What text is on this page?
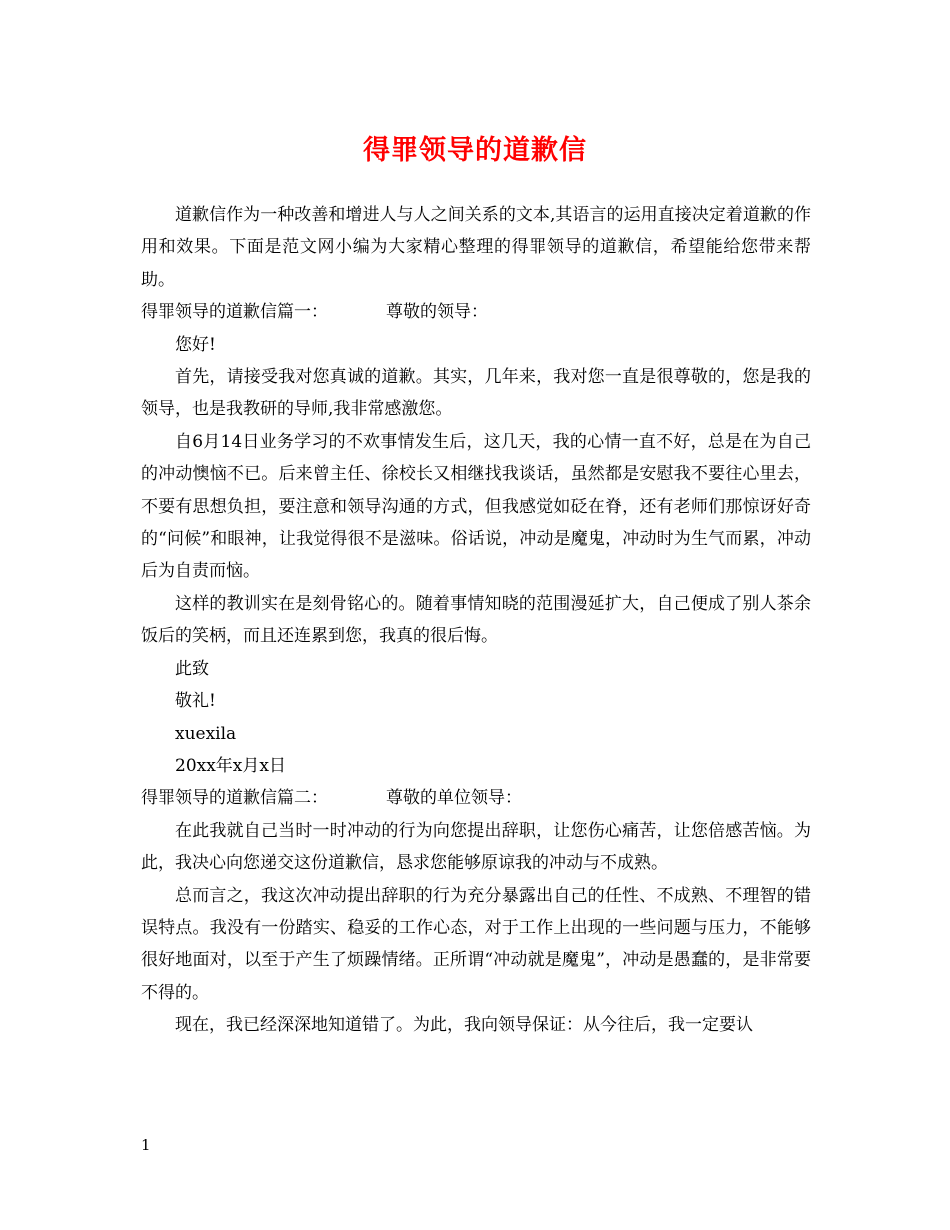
得罪领导的道歉信

道歉信作为一种改善和增进人与人之间关系的文本,其语言的运用直接决定着道歉的作用和效果。下面是范文网小编为大家精心整理的得罪领导的道歉信，希望能给您带来帮助。

得罪领导的道歉信篇一：	尊敬的领导：

您好!

首先，请接受我对您真诚的道歉。其实，几年来，我对您一直是很尊敬的，您是我的领导，也是我教研的导师,我非常感激您。

自6月14日业务学习的不欢事情发生后，这几天，我的心情一直不好，总是在为自己的冲动懊恼不已。后来曾主任、徐校长又相继找我谈话，虽然都是安慰我不要往心里去，不要有思想负担，要注意和领导沟通的方式，但我感觉如砭在脊，还有老师们那惊讶好奇的“问候”和眼神，让我觉得很不是滋味。俗话说，冲动是魔鬼，冲动时为生气而累，冲动后为自责而恼。

这样的教训实在是刻骨铭心的。随着事情知晓的范围漫延扩大，自己便成了别人茶余饭后的笑柄，而且还连累到您，我真的很后悔。

此致

敬礼!

xuexila

20xx年x月x日

得罪领导的道歉信篇二：	尊敬的单位领导：

在此我就自己当时一时冲动的行为向您提出辞职，让您伤心痛苦，让您倍感苦恼。为此，我决心向您递交这份道歉信，恳求您能够原谅我的冲动与不成熟。

总而言之，我这次冲动提出辞职的行为充分暴露出自己的任性、不成熟、不理智的错误特点。我没有一份踏实、稳妥的工作心态，对于工作上出现的一些问题与压力，不能够很好地面对，以至于产生了烦躁情绪。正所谓“冲动就是魔鬼”，冲动是愚蠢的，是非常要不得的。

现在，我已经深深地知道错了。为此，我向领导保证：从今往后，我一定要认

1
